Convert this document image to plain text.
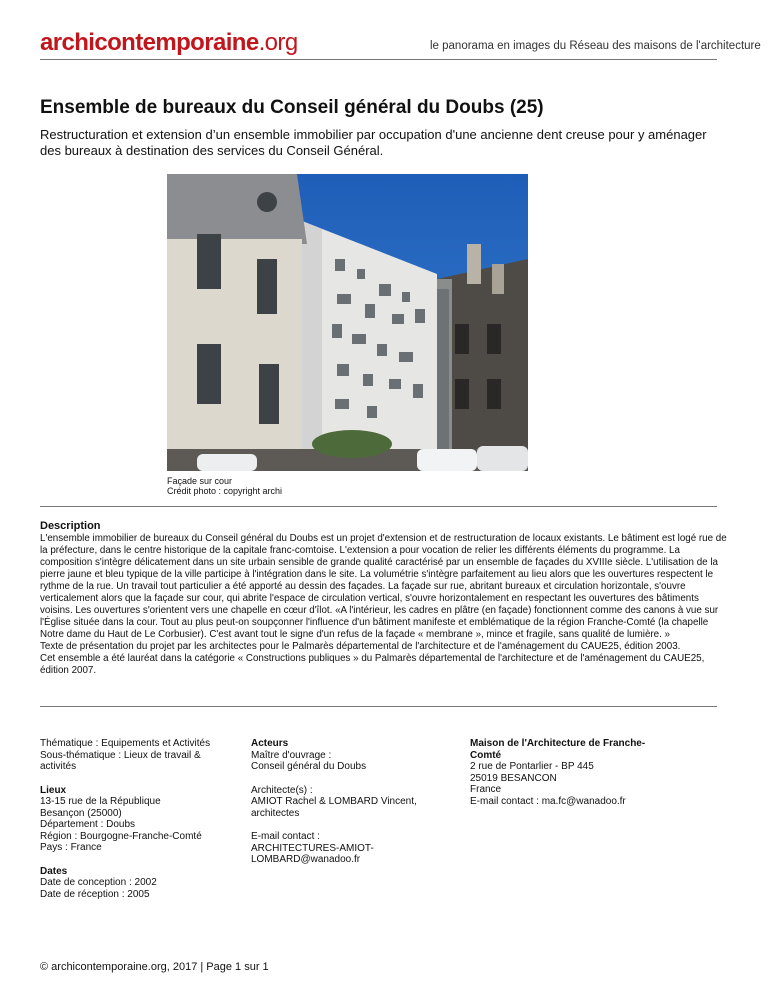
archicontemporaine.org	le panorama en images du Réseau des maisons de l'architecture
Ensemble de bureaux du Conseil général du Doubs (25)
Restructuration et extension d’un ensemble immobilier par occupation d'une ancienne dent creuse pour y aménager des bureaux à destination des services du Conseil Général.
Façade sur cour
Crédit photo : copyright archi
Description
L'ensemble immobilier de bureaux du Conseil général du Doubs est un projet d'extension et de restructuration de locaux existants. Le bâtiment est logé rue de la préfecture, dans le centre historique de la capitale franc-comtoise. L'extension a pour vocation de relier les différents éléments du programme. La composition s'intègre délicatement dans un site urbain sensible de grande qualité caractérisé par un ensemble de façades du XVIIIe siècle. L'utilisation de la pierre jaune et bleu typique de la ville participe à l'intégration dans le site. La volumétrie s'intègre parfaitement au lieu alors que les ouvertures respectent le rythme de la rue. Un travail tout particulier a été apporté au dessin des façades. La façade sur rue, abritant bureaux et circulation horizontale, s'ouvre verticalement alors que la façade sur cour, qui abrite l'espace de circulation vertical, s'ouvre horizontalement en respectant les ouvertures des bâtiments voisins. Les ouvertures s'orientent vers une chapelle en cœur d'îlot. «A l'intérieur, les cadres en plâtre (en façade) fonctionnent comme des canons à vue sur l'Église située dans la cour. Tout au plus peut-on soupçonner l'influence d'un bâtiment manifeste et emblématique de la région Franche-Comté (la chapelle Notre dame du Haut de Le Corbusier). C'est avant tout le signe d'un refus de la façade « membrane », mince et fragile, sans qualité de lumière. »
Texte de présentation du projet par les architectes pour le Palmarès départemental de l'architecture et de l'aménagement du CAUE25, édition 2003.
Cet ensemble a été lauréat dans la catégorie « Constructions publiques » du Palmarès départemental de l'architecture et de l'aménagement du CAUE25, édition 2007.
Thématique : Equipements et Activités
Sous-thématique : Lieux de travail & activités
Lieux
13-15 rue de la République
Besançon (25000)
Département : Doubs
Région : Bourgogne-Franche-Comté
Pays : France
Dates
Date de conception : 2002
Date de réception : 2005
Acteurs
Maître d'ouvrage :
Conseil général du Doubs
Architecte(s) :
AMIOT Rachel & LOMBARD Vincent, architectes
E-mail contact :
ARCHITECTURES-AMIOT-LOMBARD@wanadoo.fr
Maison de l'Architecture de Franche-Comté
2 rue de Pontarlier - BP 445
25019 BESANCON
France
E-mail contact : ma.fc@wanadoo.fr
© archicontemporaine.org, 2017 | Page 1 sur 1
